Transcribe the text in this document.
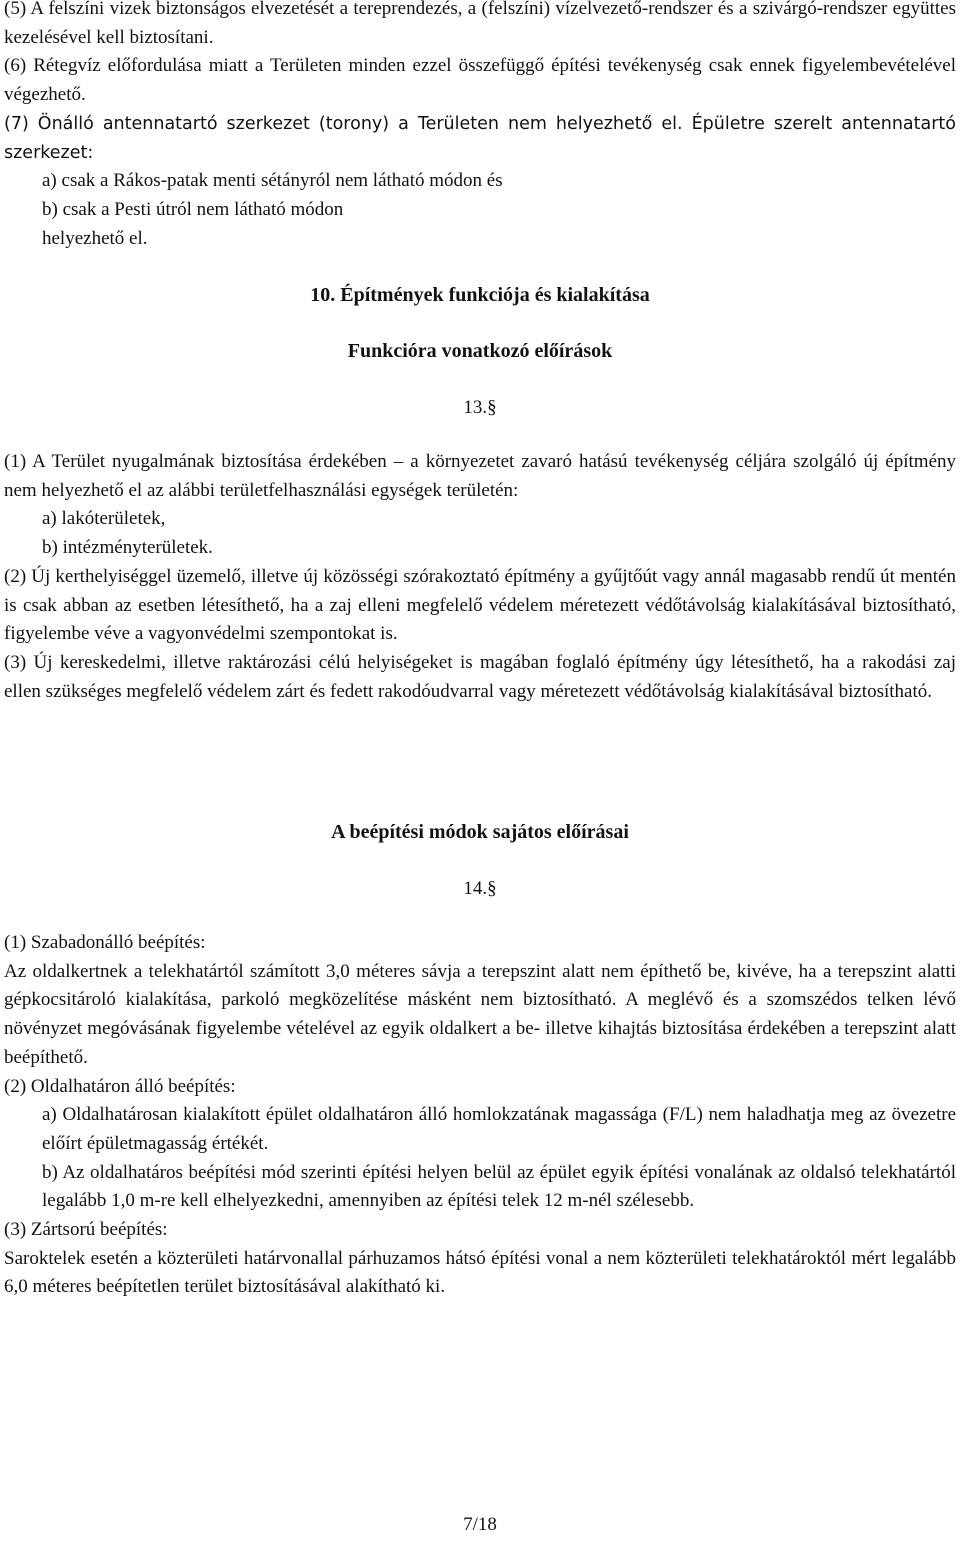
(5) A felszíni vizek biztonságos elvezetését a tereprendezés, a (felszíni) vízelvezető-rendszer és a szivárgó-rendszer együttes kezelésével kell biztosítani.

(6) Rétegvíz előfordulása miatt a Területen minden ezzel összefüggő építési tevékenység csak ennek figyelembevételével végezhető.

(7) Önálló antennatartó szerkezet (torony) a Területen nem helyezhető el. Épületre szerelt antennatartó szerkezet:

a) csak a Rákos-patak menti sétányról nem látható módon és

b) csak a Pesti útról nem látható módon

helyezhető el.

10. Építmények funkciója és kialakítása

Funkcióra vonatkozó előírások

13.§

(1) A Terület nyugalmának biztosítása érdekében – a környezetet zavaró hatású tevékenység céljára szolgáló új építmény nem helyezhető el az alábbi területfelhasználási egységek területén:

a) lakóterületek,

b) intézményterületek.

(2) Új kerthelyiséggel üzemelő, illetve új közösségi szórakoztató építmény a gyűjtőút vagy annál magasabb rendű út mentén is csak abban az esetben létesíthető, ha a zaj elleni megfelelő védelem méretezett védőtávolság kialakításával biztosítható, figyelembe véve a vagyonvédelmi szempontokat is.

(3) Új kereskedelmi, illetve raktározási célú helyiségeket is magában foglaló építmény úgy létesíthető, ha a rakodási zaj ellen szükséges megfelelő védelem zárt és fedett rakodóudvarral vagy méretezett védőtávolság kialakításával biztosítható.

A beépítési módok sajátos előírásai

14.§

(1) Szabadonálló beépítés:

Az oldalkertnek a telekhatártól számított 3,0 méteres sávja a terepszint alatt nem építhető be, kivéve, ha a terepszint alatti gépkocsitároló kialakítása, parkoló megközelítése másként nem biztosítható. A meglévő és a szomszédos telken lévő növényzet megóvásának figyelembe vételével az egyik oldalkert a be- illetve kihajtás biztosítása érdekében a terepszint alatt beépíthető.

(2) Oldalhatáron álló beépítés:

a) Oldalhatárosan kialakított épület oldalhatáron álló homlokzatának magassága (F/L) nem haladhatja meg az övezetre előírt épületmagasság értékét.

b) Az oldalhatáros beépítési mód szerinti építési helyen belül az épület egyik építési vonalának az oldalsó telekhatártól legalább 1,0 m-re kell elhelyezkedni, amennyiben az építési telek 12 m-nél szélesebb.

(3) Zártsorú beépítés:

Saroktelek esetén a közterületi határvonallal párhuzamos hátsó építési vonal a nem közterületi telekhatároktól mért legalább 6,0 méteres beépítetlen terület biztosításával alakítható ki.

7/18
